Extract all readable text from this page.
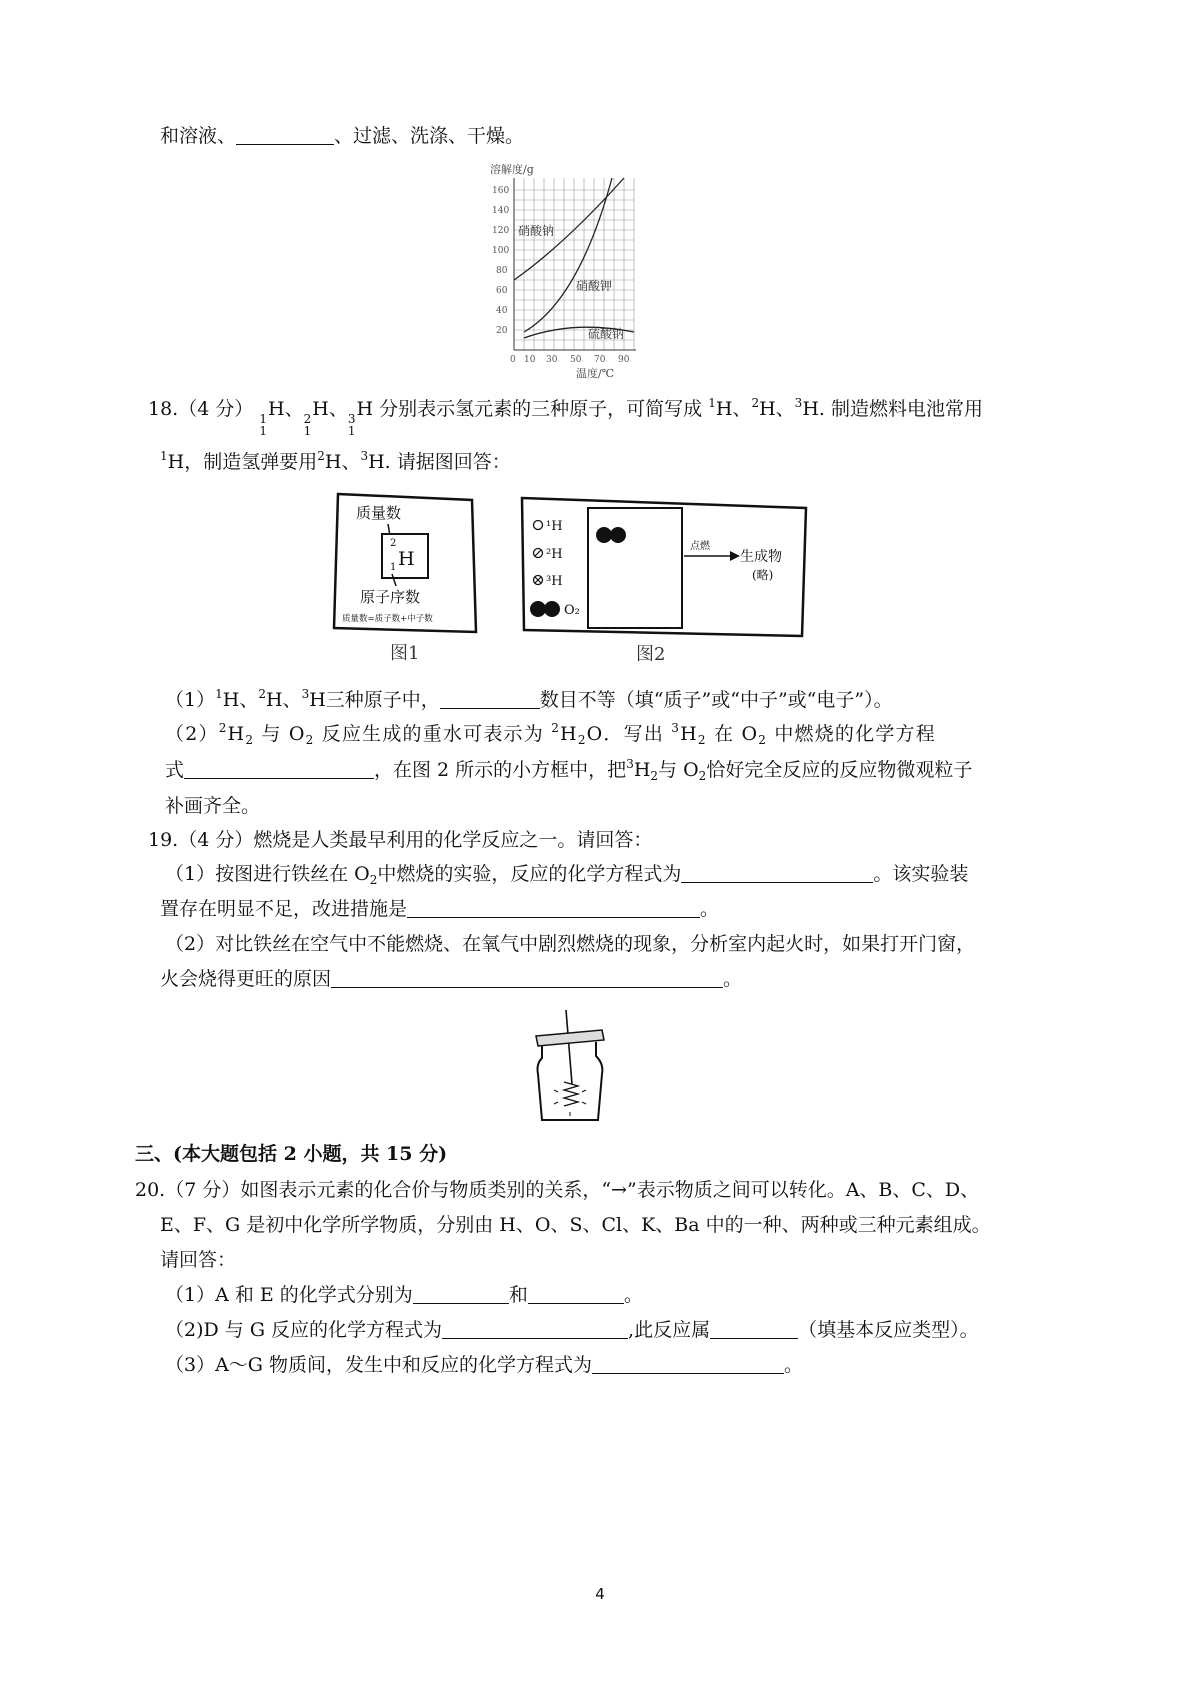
和溶液、	、过滤、洗涤、干燥。
溶解度/g
160
140
120
100
80
60
40
20
硝酸钠
硝酸钾
硫酸钠
0 10 30 50 70 90
温度/℃
18.（4 分） 1
1
H、 2
1
H、 3
1
H 分别表示氢元素的三种原子，可简写成 $^1$H、$^2$H、$^3$H. 制造燃料电池常用
$^1$H，制造氢弹要用$^2$H、$^3$H. 请据图回答：
质量数
2
1 H
原子序数
质量数=质子数+中子数
图1
¹H
²H
³H
O₂
点燃
生成物
(略)
图2
$(1)^1H$、$^2$H、$^3$H三种原子中，	数目不等（填“质子”或“中子”或“电子”）。
$(2)^2H_2$ 与 $O_2$ 反应生成的重水可表示为 $^2H_2O$．写出 $^3H_2$ 在 $O_2$ 中燃烧的化学方程
式	，在图 2 所示的小方框中，把$^3H_2$与 $O_2$恰好完全反应的反应物微观粒子
补画齐全。
19.（4 分）燃烧是人类最早利用的化学反应之一。请回答：
（1）按图进行铁丝在 $O_2$中燃烧的实验，反应的化学方程式为	。该实验装
置存在明显不足，改进措施是	。
（2）对比铁丝在空气中不能燃烧、在氧气中剧烈燃烧的现象，分析室内起火时，如果打开门窗，
火会烧得更旺的原因	。
三、(本大题包括 2 小题，共 15 分)
20.（7 分）如图表示元素的化合价与物质类别的关系，“→”表示物质之间可以转化。A、B、C、D、
E、F、G 是初中化学所学物质，分别由 H、O、S、Cl、K、Ba 中的一种、两种或三种元素组成。
请回答：
（1）A 和 E 的化学式分别为	和	。
（2)D 与 G 反应的化学方程式为	,此反应属	（填基本反应类型）。
（3）A～G 物质间，发生中和反应的化学方程式为	。
4
